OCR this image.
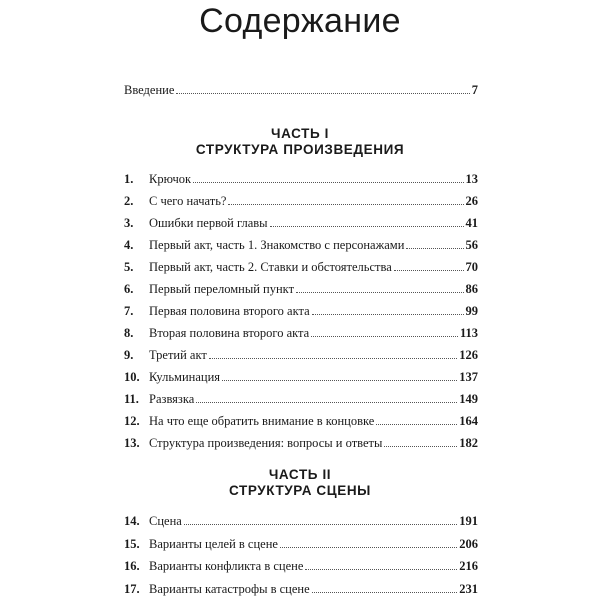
Содержание
Введение	7
ЧАСТЬ I
СТРУКТУРА ПРОИЗВЕДЕНИЯ
1.	Крючок	13
2.	С чего начать?	26
3.	Ошибки первой главы	41
4.	Первый акт, часть 1. Знакомство с персонажами	56
5.	Первый акт, часть 2. Ставки и обстоятельства	70
6.	Первый переломный пункт	86
7.	Первая половина второго акта	99
8.	Вторая половина второго акта	113
9.	Третий акт	126
10. Кульминация	137
11. Развязка	149
12. На что еще обратить внимание в концовке	164
13. Структура произведения: вопросы и ответы	182
ЧАСТЬ II
СТРУКТУРА СЦЕНЫ
14. Сцена	191
15. Варианты целей в сцене	206
16. Варианты конфликта в сцене	216
17. Варианты катастрофы в сцене	231
